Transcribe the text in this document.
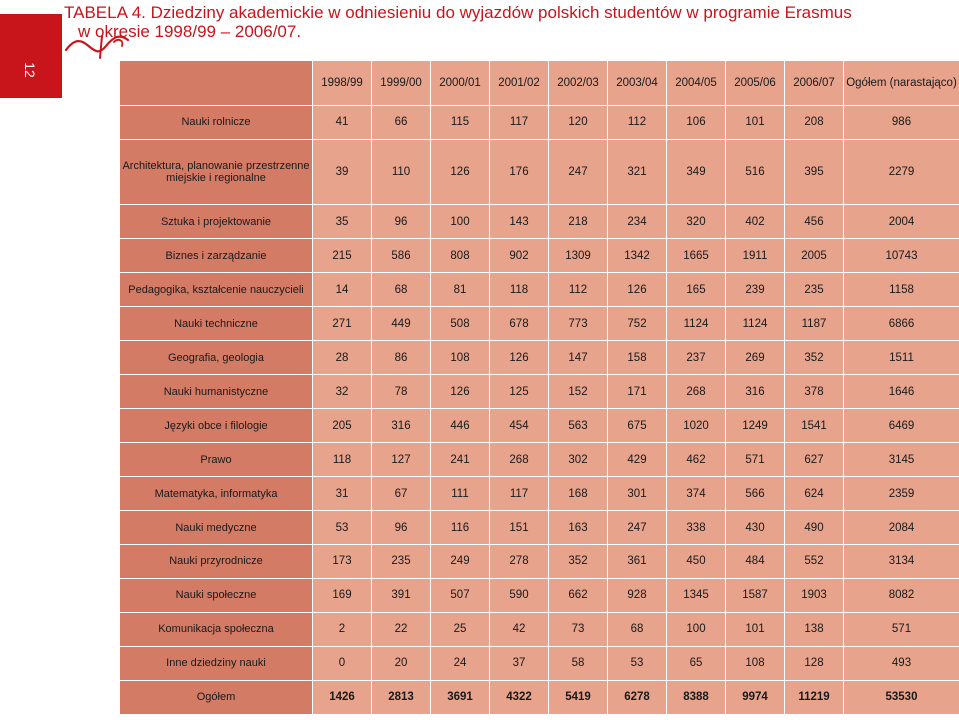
12
TABELA 4. Dziedziny akademickie w odniesieniu do wyjazdów polskich studentów w programie Erasmus
w okresie 1998/99 – 2006/07.
	1998/99	1999/00	2000/01	2001/02	2002/03	2003/04	2004/05	2005/06	2006/07	Ogółem (narastająco)
Nauki rolnicze	41	66	115	117	120	112	106	101	208	986
Architektura, planowanie przestrzenne miejskie i regionalne	39	110	126	176	247	321	349	516	395	2279
Sztuka i projektowanie	35	96	100	143	218	234	320	402	456	2004
Biznes i zarządzanie	215	586	808	902	1309	1342	1665	1911	2005	10743
Pedagogika, kształcenie nauczycieli	14	68	81	118	112	126	165	239	235	1158
Nauki techniczne	271	449	508	678	773	752	1124	1124	1187	6866
Geografia, geologia	28	86	108	126	147	158	237	269	352	1511
Nauki humanistyczne	32	78	126	125	152	171	268	316	378	1646
Języki obce i filologie	205	316	446	454	563	675	1020	1249	1541	6469
Prawo	118	127	241	268	302	429	462	571	627	3145
Matematyka, informatyka	31	67	111	117	168	301	374	566	624	2359
Nauki medyczne	53	96	116	151	163	247	338	430	490	2084
Nauki przyrodnicze	173	235	249	278	352	361	450	484	552	3134
Nauki społeczne	169	391	507	590	662	928	1345	1587	1903	8082
Komunikacja społeczna	2	22	25	42	73	68	100	101	138	571
Inne dziedziny nauki	0	20	24	37	58	53	65	108	128	493
Ogółem	1426	2813	3691	4322	5419	6278	8388	9974	11219	53530
